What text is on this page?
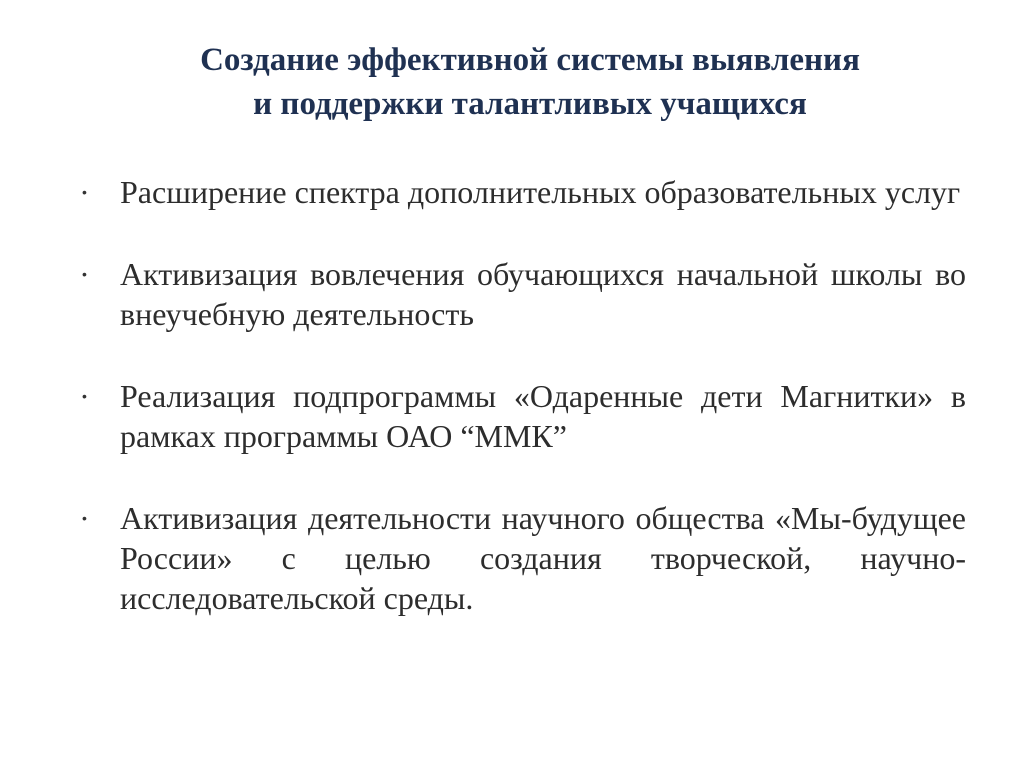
Создание эффективной системы выявления
и поддержки талантливых учащихся
• Расширение спектра дополнительных образовательных услуг

• Активизация вовлечения обучающихся начальной школы во внеучебную деятельность

• Реализация подпрограммы «Одаренные дети Магнитки» в рамках программы ОАО “ММК”

• Активизация деятельности научного общества «Мы-будущее России» с целью создания творческой, научно-исследовательской среды.
